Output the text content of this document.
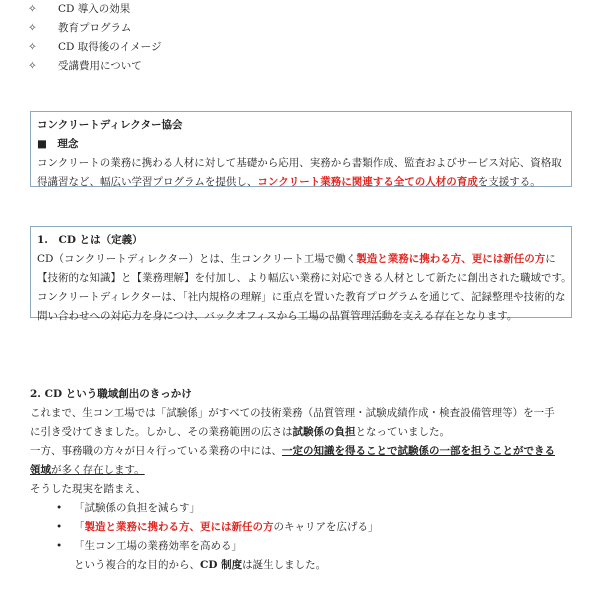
✧ CD 導入の効果
✧ 教育プログラム
✧ CD 取得後のイメージ
✧ 受講費用について
コンクリートディレクター協会
■　理念
コンクリートの業務に携わる人材に対して基礎から応用、実務から書類作成、監査およびサービス対応、資格取
得講習など、幅広い学習プログラムを提供し、コンクリート業務に関連する全ての人材の育成を支援する。
1.　CD とは（定義）
CD（コンクリートディレクター）とは、生コンクリート工場で働く製造と業務に携わる方、更には新任の方に
【技術的な知識】と【業務理解】を付加し、より幅広い業務に対応できる人材として新たに創出された職域です。
コンクリートディレクターは、「社内規格の理解」に重点を置いた教育プログラムを通じて、記録整理や技術的な
問い合わせへの対応力を身につけ、バックオフィスから工場の品質管理活動を支える存在となります。
2. CD という職域創出のきっかけ
これまで、生コン工場では「試験係」がすべての技術業務（品質管理・試験成績作成・検査設備管理等）を一手
に引き受けてきました。しかし、その業務範囲の広さは試験係の負担となっていました。
一方、事務職の方々が日々行っている業務の中には、一定の知識を得ることで試験係の一部を担うことができる
領域が多く存在します。
そうした現実を踏まえ、
• 「試験係の負担を減らす」
• 「製造と業務に携わる方、更には新任の方のキャリアを広げる」
• 「生コン工場の業務効率を高める」
という複合的な目的から、CD 制度は誕生しました。
